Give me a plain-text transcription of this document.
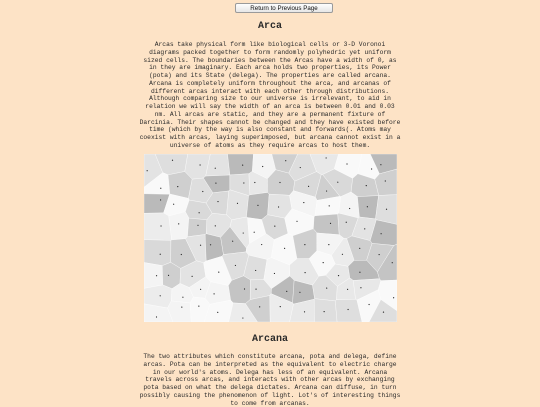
Return to Previous Page
Arca

Arcas take physical form like biological cells or 3-D Voronoi diagrams packed together to form randomly polyhedric yet uniform sized cells. The boundaries between the Arcas have a width of 0, as in they are imaginary. Each arca holds two properties, its Power (pota) and its State (delega). The properties are called arcana. Arcana is completely uniform throughout the arca, and arcanas of different arcas interact with each other through distributions. Although comparing size to our universe is irrelevant, to aid in relation we will say the width of an arca is between 0.01 and 0.03 nm. All arcas are static, and they are a permanent fixture of Darcinia. Their shapes cannot be changed and they have existed before time (which by the way is also constant and forwards(. Atoms may coexist with arcas, laying superimposed, but arcana cannot exist in a universe of atoms as they require arcas to host them.

Arcana

The two attributes which constitute arcana, pota and delega, define arcas. Pota can be interpreted as the equivalent to electric charge in our world's atoms. Delega has less of an equivalent. Arcana travels across arcas, and interacts with other arcas by exchanging pota based on what the delega dictates. Arcana can diffuse, in turn possibly causing the phenomenon of light. Lot's of interesting things to come from arcanas.
